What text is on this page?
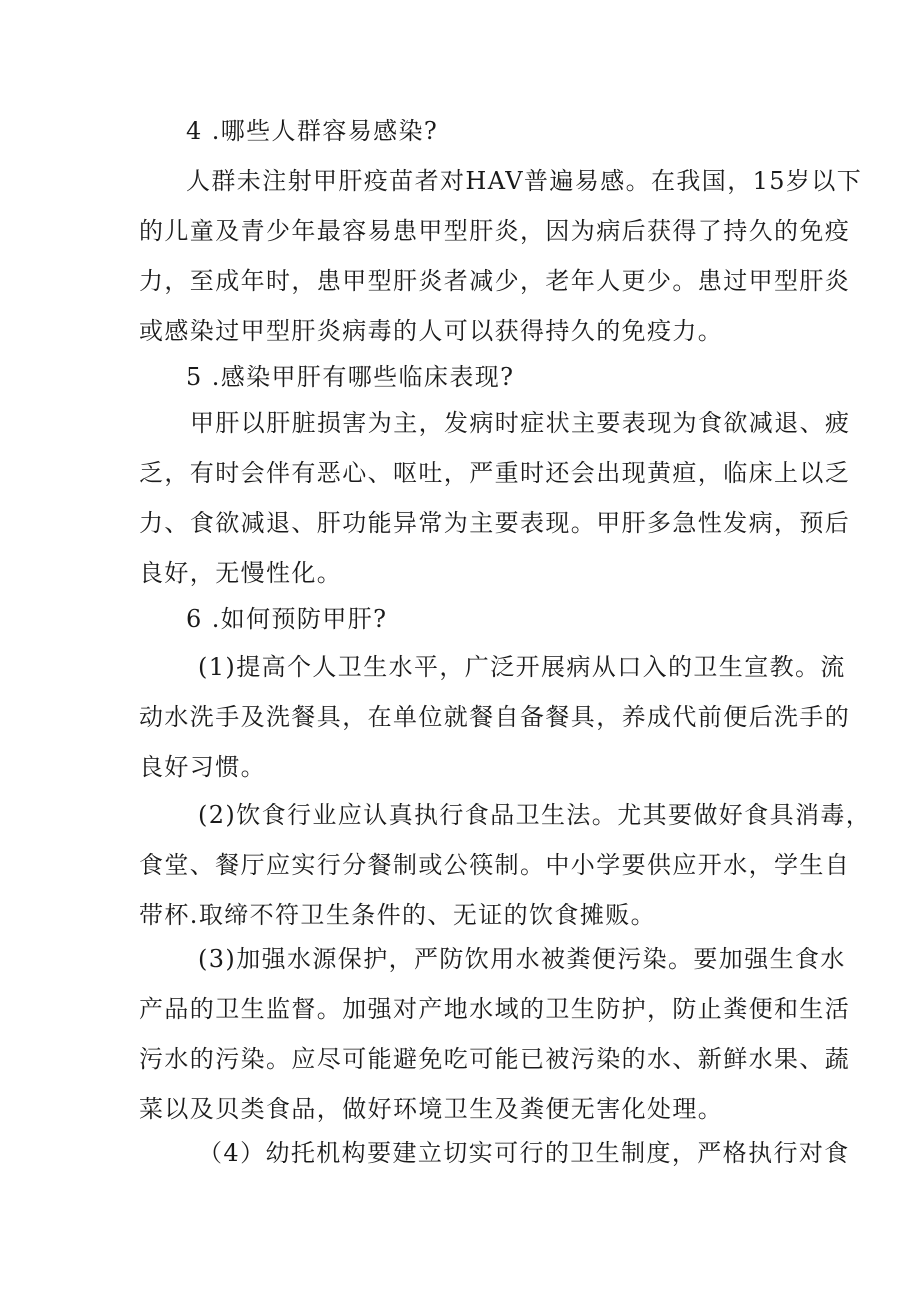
4 .哪些人群容易感染?
人群未注射甲肝疫苗者对HAV普遍易感。在我国，15岁以下
的儿童及青少年最容易患甲型肝炎，因为病后获得了持久的免疫
力，至成年时，患甲型肝炎者减少，老年人更少。患过甲型肝炎
或感染过甲型肝炎病毒的人可以获得持久的免疫力。
5 .感染甲肝有哪些临床表现?
甲肝以肝脏损害为主，发病时症状主要表现为食欲减退、疲
乏，有时会伴有恶心、呕吐，严重时还会出现黄疸，临床上以乏
力、食欲减退、肝功能异常为主要表现。甲肝多急性发病，预后
良好，无慢性化。
6 .如何预防甲肝?
(1)提高个人卫生水平，广泛开展病从口入的卫生宣教。流
动水洗手及洗餐具，在单位就餐自备餐具，养成代前便后洗手的
良好习惯。
(2)饮食行业应认真执行食品卫生法。尤其要做好食具消毒，
食堂、餐厅应实行分餐制或公筷制。中小学要供应开水，学生自
带杯.取缔不符卫生条件的、无证的饮食摊贩。
(3)加强水源保护，严防饮用水被粪便污染。要加强生食水
产品的卫生监督。加强对产地水域的卫生防护，防止粪便和生活
污水的污染。应尽可能避免吃可能已被污染的水、新鲜水果、蔬
菜以及贝类食品，做好环境卫生及粪便无害化处理。
（4）幼托机构要建立切实可行的卫生制度，严格执行对食
